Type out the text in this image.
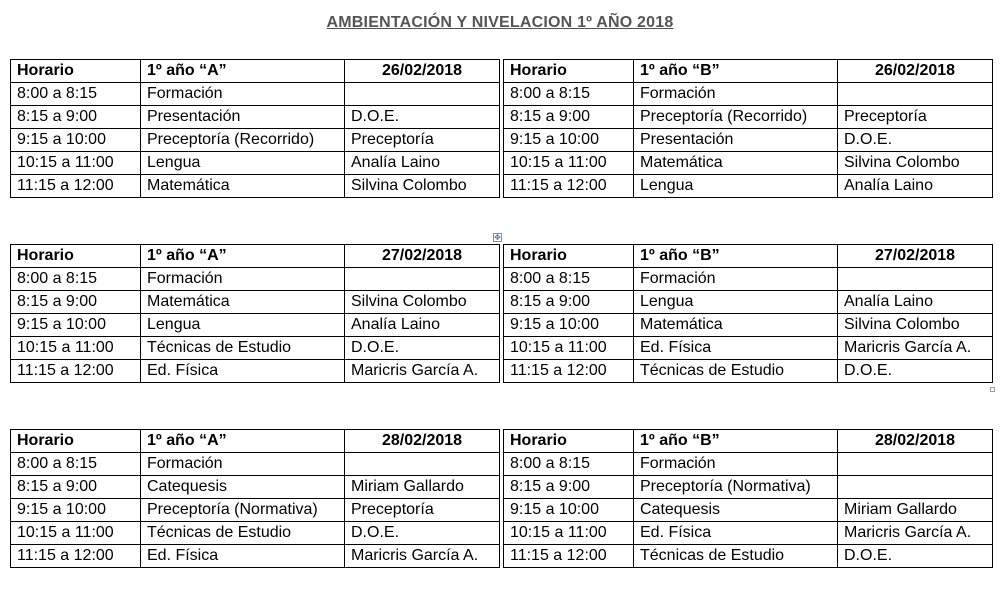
AMBIENTACIÓN Y NIVELACION 1º AÑO 2018
Horario	1º año “A”	26/02/2018
8:00 a 8:15	Formación	
8:15 a 9:00	Presentación	D.O.E.
9:15 a 10:00	Preceptoría (Recorrido)	Preceptoría
10:15 a 11:00	Lengua	Analía Laino
11:15 a 12:00	Matemática	Silvina Colombo
Horario	1º año “B”	26/02/2018
8:00 a 8:15	Formación	
8:15 a 9:00	Preceptoría (Recorrido)	Preceptoría
9:15 a 10:00	Presentación	D.O.E.
10:15 a 11:00	Matemática	Silvina Colombo
11:15 a 12:00	Lengua	Analía Laino
Horario	1º año “A”	27/02/2018
8:00 a 8:15	Formación	
8:15 a 9:00	Matemática	Silvina Colombo
9:15 a 10:00	Lengua	Analía Laino
10:15 a 11:00	Técnicas de Estudio	D.O.E.
11:15 a 12:00	Ed. Física	Maricris García A.
Horario	1º año “B”	27/02/2018
8:00 a 8:15	Formación	
8:15 a 9:00	Lengua	Analía Laino
9:15 a 10:00	Matemática	Silvina Colombo
10:15 a 11:00	Ed. Física	Maricris García A.
11:15 a 12:00	Técnicas de Estudio	D.O.E.
Horario	1º año “A”	28/02/2018
8:00 a 8:15	Formación	
8:15 a 9:00	Catequesis	Miriam Gallardo
9:15 a 10:00	Preceptoría (Normativa)	Preceptoría
10:15 a 11:00	Técnicas de Estudio	D.O.E.
11:15 a 12:00	Ed. Física	Maricris García A.
Horario	1º año “B”	28/02/2018
8:00 a 8:15	Formación	
8:15 a 9:00	Preceptoría (Normativa)	
9:15 a 10:00	Catequesis	Miriam Gallardo
10:15 a 11:00	Ed. Física	Maricris García A.
11:15 a 12:00	Técnicas de Estudio	D.O.E.
✥
